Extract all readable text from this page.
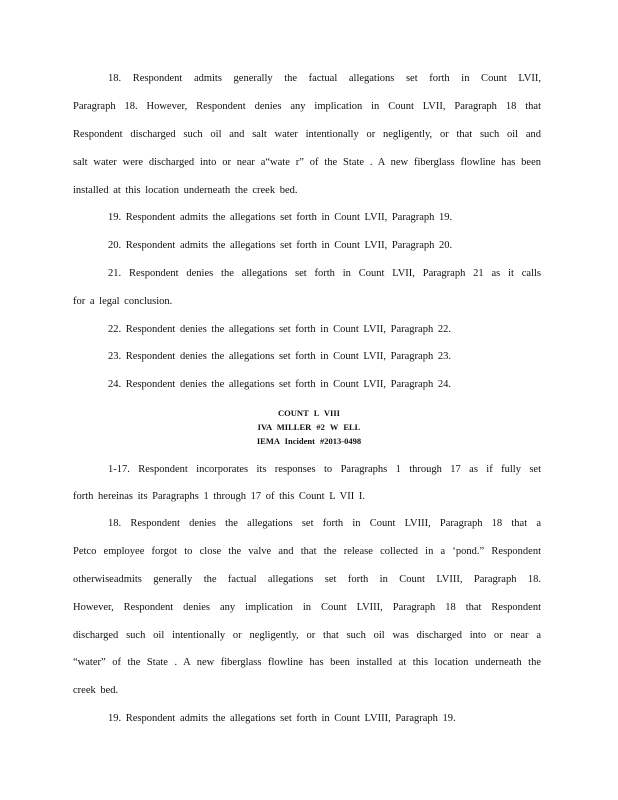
18. Respondent admits generally the factual allegations set forth in Count LVII,
Paragraph 18. However, Respondent denies any implication in Count LVII, Paragraph 18 that
Respondent discharged such oil and salt water intentionally or negligently, or that such oil and
salt water were discharged into or near a“wate r” of the State . A new fiberglass flowline has been
installed at this location underneath the creek bed.
19. Respondent admits the allegations set forth in Count LVII, Paragraph 19.
20. Respondent admits the allegations set forth in Count LVII, Paragraph 20.
21. Respondent denies the allegations set forth in Count LVII, Paragraph 21 as it calls
for a legal conclusion.
22. Respondent denies the allegations set forth in Count LVII, Paragraph 22.
23. Respondent denies the allegations set forth in Count LVII, Paragraph 23.
24. Respondent denies the allegations set forth in Count LVII, Paragraph 24.
COUNT L VIII
IVA MILLER #2 W ELL
IEMA Incident #2013-0498
1-17. Respondent incorporates its responses to Paragraphs 1 through 17 as if fully set
forth hereinas its Paragraphs 1 through 17 of this Count L VII I.
18. Respondent denies the allegations set forth in Count LVIII, Paragraph 18 that a
Petco employee forgot to close the valve and that the release collected in a ‘pond.” Respondent
otherwiseadmits generally the factual allegations set forth in Count LVIII, Paragraph 18.
However, Respondent denies any implication in Count LVIII, Paragraph 18 that Respondent
discharged such oil intentionally or negligently, or that such oil was discharged into or near a
“water” of the State . A new fiberglass flowline has been installed at this location underneath the
creek bed.
19. Respondent admits the allegations set forth in Count LVIII, Paragraph 19.
